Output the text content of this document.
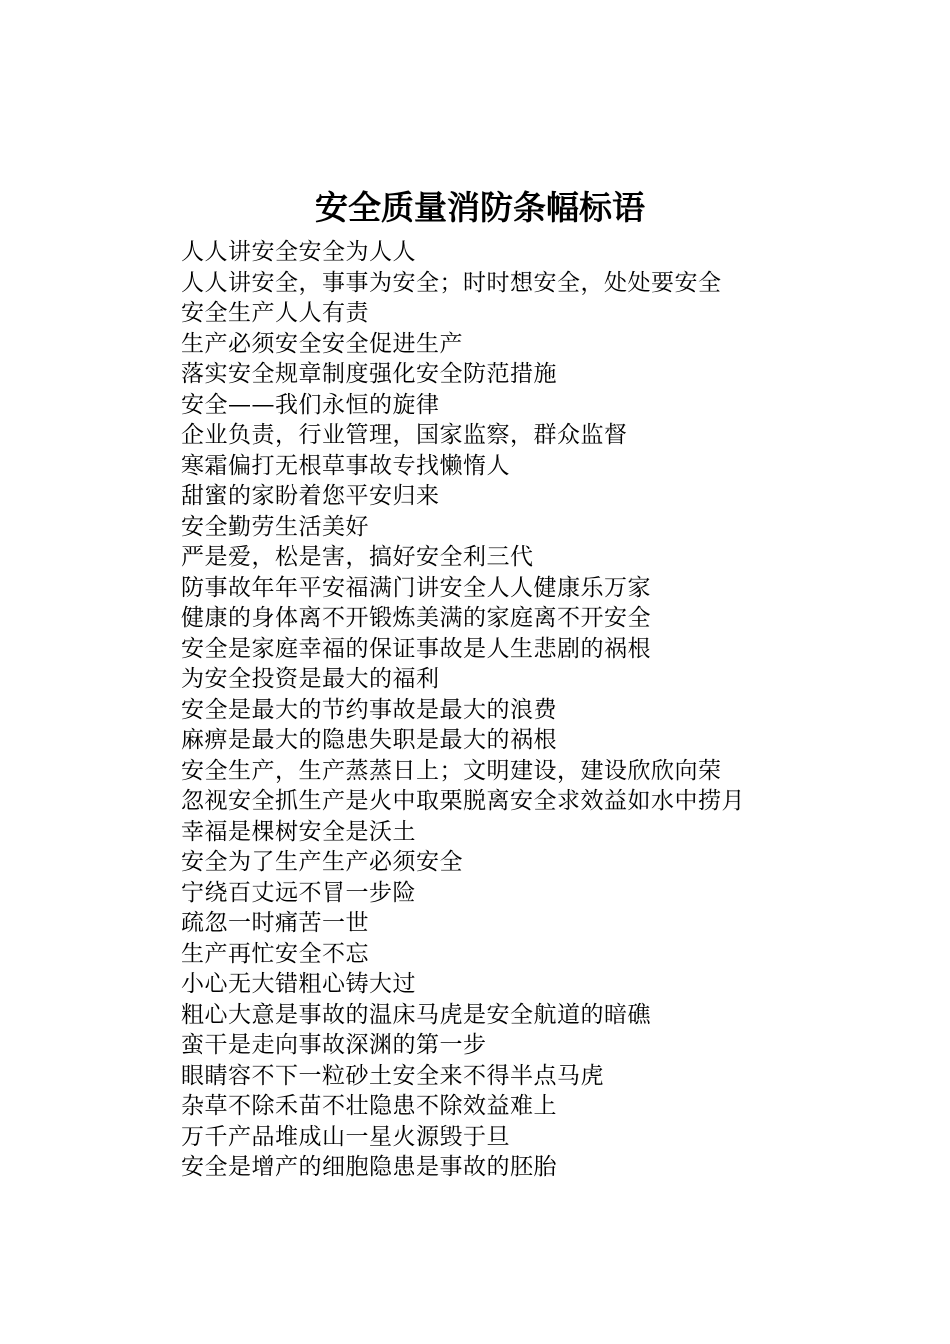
安全质量消防条幅标语
人人讲安全安全为人人
人人讲安全，事事为安全；时时想安全，处处要安全
安全生产人人有责
生产必须安全安全促进生产
落实安全规章制度强化安全防范措施
安全——我们永恒的旋律
企业负责，行业管理，国家监察，群众监督
寒霜偏打无根草事故专找懒惰人
甜蜜的家盼着您平安归来
安全勤劳生活美好
严是爱，松是害，搞好安全利三代
防事故年年平安福满门讲安全人人健康乐万家
健康的身体离不开锻炼美满的家庭离不开安全
安全是家庭幸福的保证事故是人生悲剧的祸根
为安全投资是最大的福利
安全是最大的节约事故是最大的浪费
麻痹是最大的隐患失职是最大的祸根
安全生产，生产蒸蒸日上；文明建设，建设欣欣向荣
忽视安全抓生产是火中取栗脱离安全求效益如水中捞月
幸福是棵树安全是沃土
安全为了生产生产必须安全
宁绕百丈远不冒一步险
疏忽一时痛苦一世
生产再忙安全不忘
小心无大错粗心铸大过
粗心大意是事故的温床马虎是安全航道的暗礁
蛮干是走向事故深渊的第一步
眼睛容不下一粒砂土安全来不得半点马虎
杂草不除禾苗不壮隐患不除效益难上
万千产品堆成山一星火源毁于旦
安全是增产的细胞隐患是事故的胚胎
